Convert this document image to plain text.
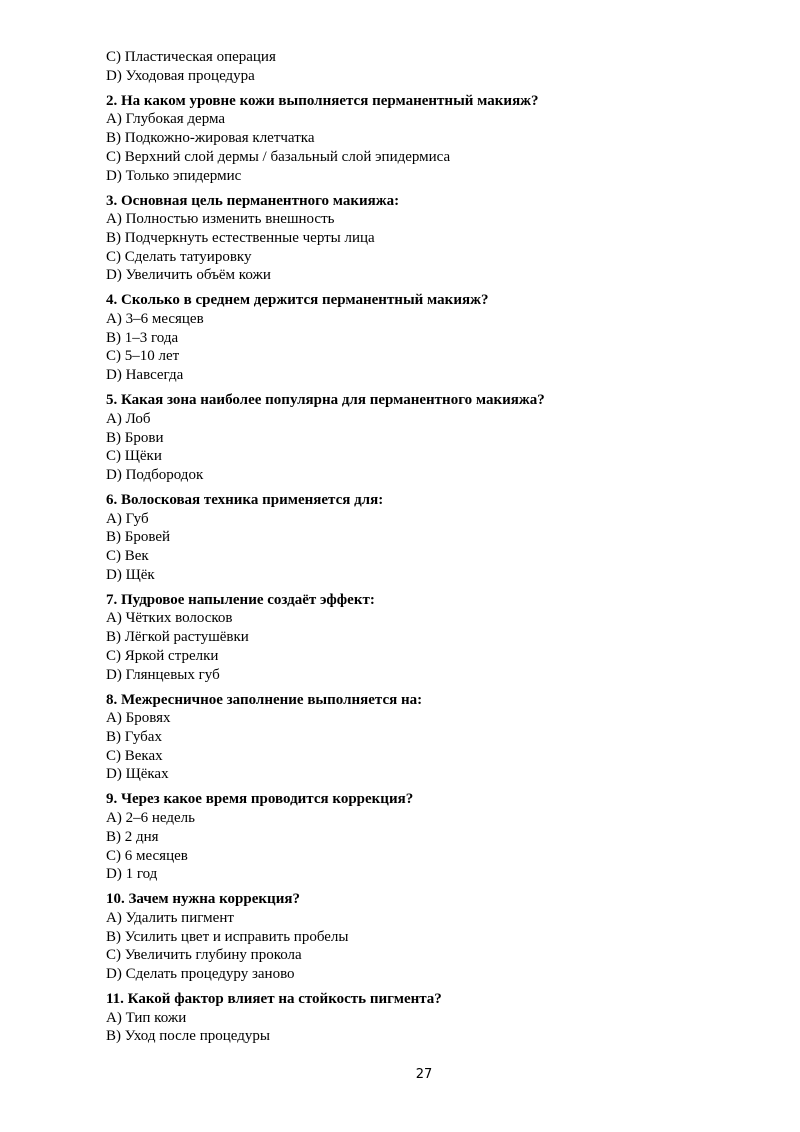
C) Пластическая операция
D) Уходовая процедура
2. На каком уровне кожи выполняется перманентный макияж?
A) Глубокая дерма
B) Подкожно-жировая клетчатка
C) Верхний слой дермы / базальный слой эпидермиса
D) Только эпидермис
3. Основная цель перманентного макияжа:
A) Полностью изменить внешность
B) Подчеркнуть естественные черты лица
C) Сделать татуировку
D) Увеличить объём кожи
4. Сколько в среднем держится перманентный макияж?
A) 3–6 месяцев
B) 1–3 года
C) 5–10 лет
D) Навсегда
5. Какая зона наиболее популярна для перманентного макияжа?
A) Лоб
B) Брови
C) Щёки
D) Подбородок
6. Волосковая техника применяется для:
A) Губ
B) Бровей
C) Век
D) Щёк
7. Пудровое напыление создаёт эффект:
A) Чётких волосков
B) Лёгкой растушёвки
C) Яркой стрелки
D) Глянцевых губ
8. Межресничное заполнение выполняется на:
A) Бровях
B) Губах
C) Веках
D) Щёках
9. Через какое время проводится коррекция?
A) 2–6 недель
B) 2 дня
C) 6 месяцев
D) 1 год
10. Зачем нужна коррекция?
A) Удалить пигмент
B) Усилить цвет и исправить пробелы
C) Увеличить глубину прокола
D) Сделать процедуру заново
11. Какой фактор влияет на стойкость пигмента?
A) Тип кожи
B) Уход после процедуры
27
